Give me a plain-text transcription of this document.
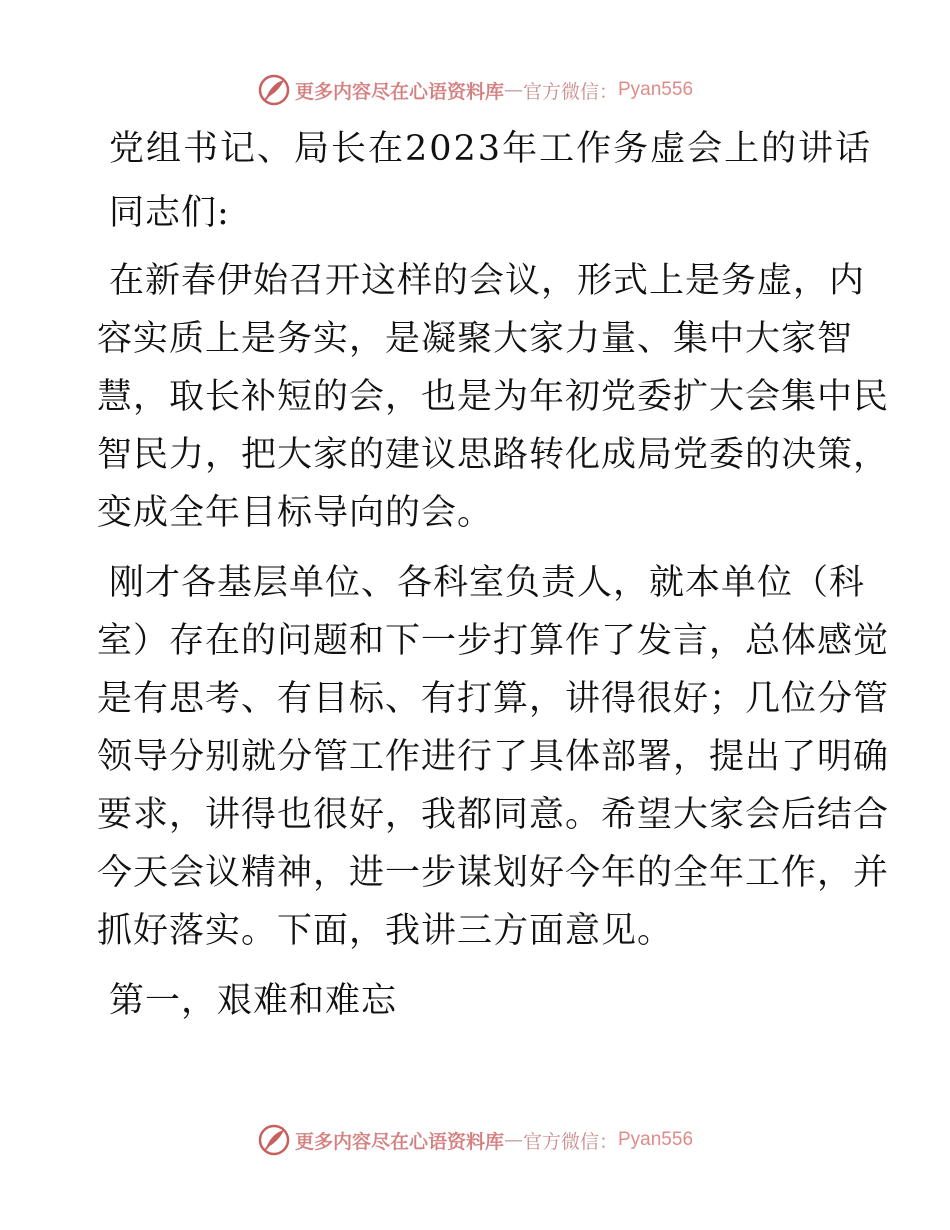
更多内容尽在心语资料库 — 官方微信： Pyan556
党组书记、局长在2023年工作务虚会上的讲话
同志们:
在新春伊始召开这样的会议，形式上是务虚，内
容实质上是务实，是凝聚大家力量、集中大家智
慧，取长补短的会，也是为年初党委扩大会集中民
智民力，把大家的建议思路转化成局党委的决策，
变成全年目标导向的会。
刚才各基层单位、各科室负责人，就本单位（科
室）存在的问题和下一步打算作了发言，总体感觉
是有思考、有目标、有打算，讲得很好；几位分管
领导分别就分管工作进行了具体部署，提出了明确
要求，讲得也很好，我都同意。希望大家会后结合
今天会议精神，进一步谋划好今年的全年工作，并
抓好落实。下面，我讲三方面意见。
第一，艰难和难忘
更多内容尽在心语资料库 — 官方微信： Pyan556
